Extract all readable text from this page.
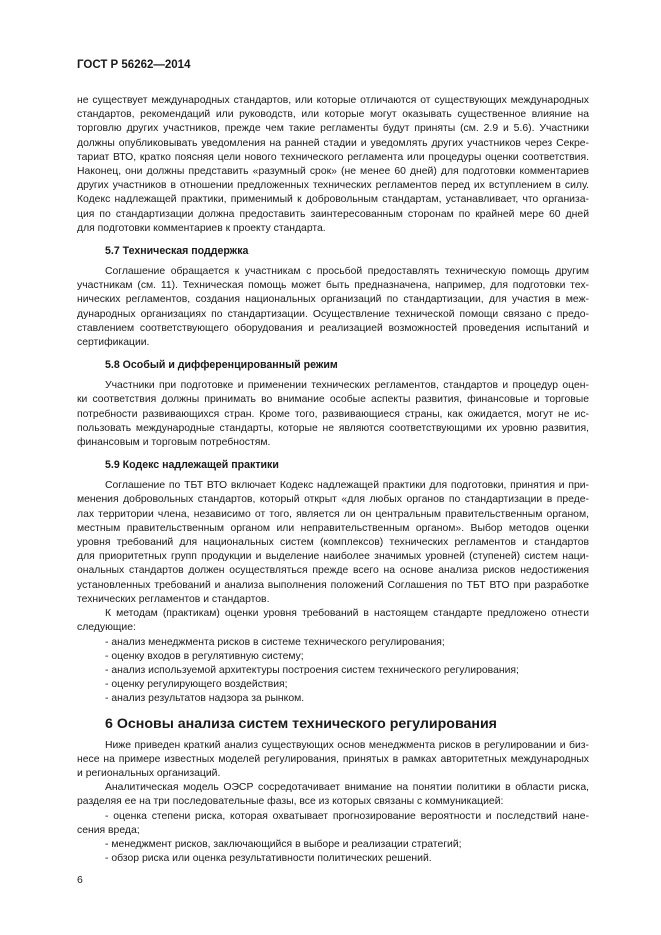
ГОСТ Р 56262—2014
не существует международных стандартов, или которые отличаются от существующих международных
стандартов, рекомендаций или руководств, или которые могут оказывать существенное влияние на
торговлю других участников, прежде чем такие регламенты будут приняты (см. 2.9 и 5.6). Участники
должны опубликовывать уведомления на ранней стадии и уведомлять других участников через Секре-
тариат ВТО, кратко поясняя цели нового технического регламента или процедуры оценки соответствия.
Наконец, они должны представить «разумный срок» (не менее 60 дней) для подготовки комментариев
других участников в отношении предложенных технических регламентов перед их вступлением в силу.
Кодекс надлежащей практики, применимый к добровольным стандартам, устанавливает, что организа-
ция по стандартизации должна предоставить заинтересованным сторонам по крайней мере 60 дней
для подготовки комментариев к проекту стандарта.
5.7 Техническая поддержка
Соглашение обращается к участникам с просьбой предоставлять техническую помощь другим
участникам (см. 11). Техническая помощь может быть предназначена, например, для подготовки тех-
нических регламентов, создания национальных организаций по стандартизации, для участия в меж-
дународных организациях по стандартизации. Осуществление технической помощи связано с предо-
ставлением соответствующего оборудования и реализацией возможностей проведения испытаний и
сертификации.
5.8 Особый и дифференцированный режим
Участники при подготовке и применении технических регламентов, стандартов и процедур оцен-
ки соответствия должны принимать во внимание особые аспекты развития, финансовые и торговые
потребности развивающихся стран. Кроме того, развивающиеся страны, как ожидается, могут не ис-
пользовать международные стандарты, которые не являются соответствующими их уровню развития,
финансовым и торговым потребностям.
5.9 Кодекс надлежащей практики
Соглашение по ТБТ ВТО включает Кодекс надлежащей практики для подготовки, принятия и при-
менения добровольных стандартов, который открыт «для любых органов по стандартизации в преде-
лах территории члена, независимо от того, является ли он центральным правительственным органом,
местным правительственным органом или неправительственным органом». Выбор методов оценки
уровня требований для национальных систем (комплексов) технических регламентов и стандартов
для приоритетных групп продукции и выделение наиболее значимых уровней (ступеней) систем наци-
ональных стандартов должен осуществляться прежде всего на основе анализа рисков недостижения
установленных требований и анализа выполнения положений Соглашения по ТБТ ВТО при разработке
технических регламентов и стандартов.
К методам (практикам) оценки уровня требований в настоящем стандарте предложено отнести
следующие:
- анализ менеджмента рисков в системе технического регулирования;
- оценку входов в регулятивную систему;
- анализ используемой архитектуры построения систем технического регулирования;
- оценку регулирующего воздействия;
- анализ результатов надзора за рынком.
6 Основы анализа систем технического регулирования
Ниже приведен краткий анализ существующих основ менеджмента рисков в регулировании и биз-
несе на примере известных моделей регулирования, принятых в рамках авторитетных международных
и региональных организаций.
Аналитическая модель ОЭСР сосредотачивает внимание на понятии политики в области риска,
разделяя ее на три последовательные фазы, все из которых связаны с коммуникацией:
- оценка степени риска, которая охватывает прогнозирование вероятности и последствий нане-
сения вреда;
- менеджмент рисков, заключающийся в выборе и реализации стратегий;
- обзор риска или оценка результативности политических решений.
6
